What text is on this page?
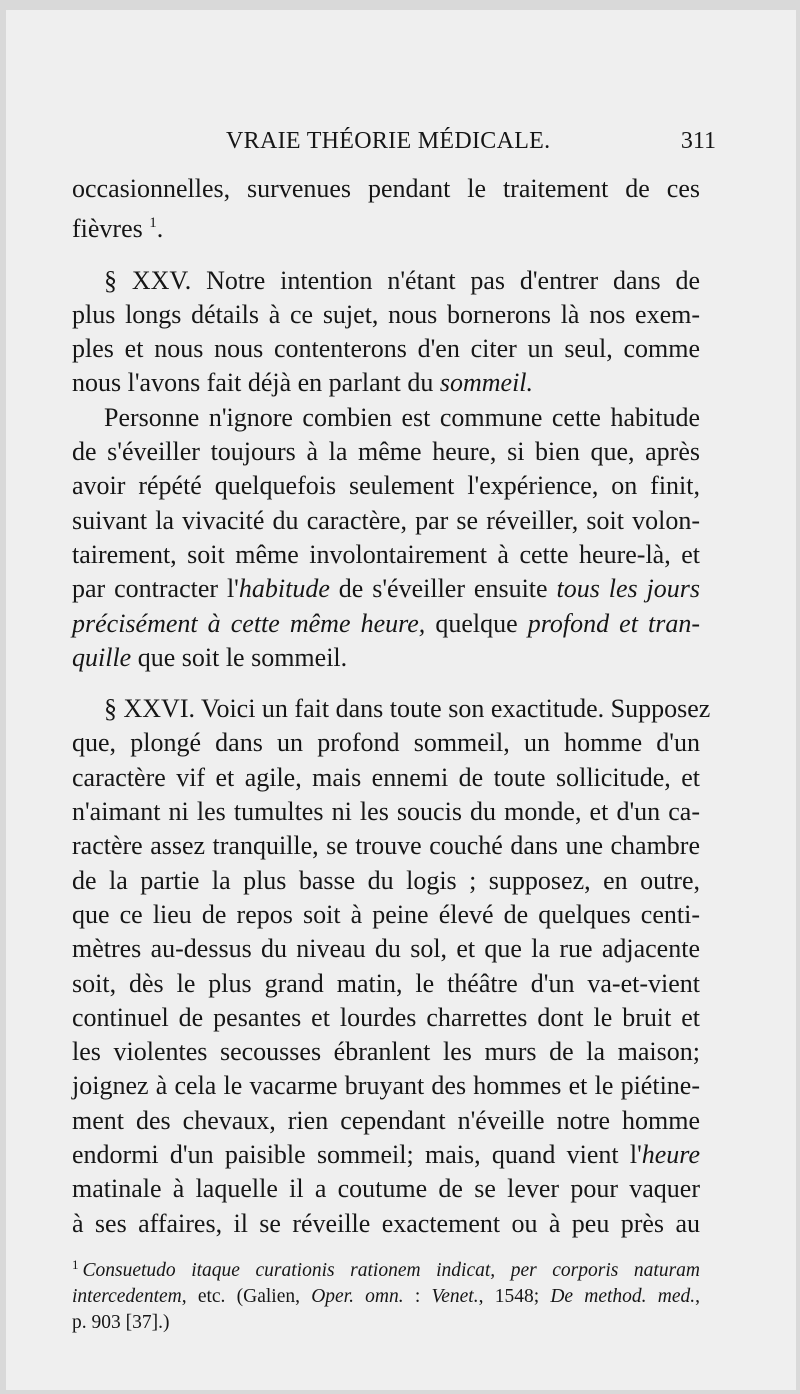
VRAIE THÉORIE MÉDICALE.	311
occasionnelles, survenues pendant le traitement de ces
fièvres $^1$.
§ XXV. Notre intention n'étant pas d'entrer dans de
plus longs détails à ce sujet, nous bornerons là nos exem-
ples et nous nous contenterons d'en citer un seul, comme
nous l'avons fait déjà en parlant du sommeil.
Personne n'ignore combien est commune cette habitude
de s'éveiller toujours à la même heure, si bien que, après
avoir répété quelquefois seulement l'expérience, on finit,
suivant la vivacité du caractère, par se réveiller, soit volon-
tairement, soit même involontairement à cette heure-là, et
par contracter l'habitude de s'éveiller ensuite tous les jours
précisément à cette même heure, quelque profond et tran-
quille que soit le sommeil.
§ XXVI. Voici un fait dans toute son exactitude. Supposez
que, plongé dans un profond sommeil, un homme d'un
caractère vif et agile, mais ennemi de toute sollicitude, et
n'aimant ni les tumultes ni les soucis du monde, et d'un ca-
ractère assez tranquille, se trouve couché dans une chambre
de la partie la plus basse du logis ; supposez, en outre,
que ce lieu de repos soit à peine élevé de quelques centi-
mètres au-dessus du niveau du sol, et que la rue adjacente
soit, dès le plus grand matin, le théâtre d'un va-et-vient
continuel de pesantes et lourdes charrettes dont le bruit et
les violentes secousses ébranlent les murs de la maison;
joignez à cela le vacarme bruyant des hommes et le piétine-
ment des chevaux, rien cependant n'éveille notre homme
endormi d'un paisible sommeil; mais, quand vient l'heure
matinale à laquelle il a coutume de se lever pour vaquer
à ses affaires, il se réveille exactement ou à peu près au
$^1$ Consuetudo itaque curationis rationem indicat, per corporis naturam
intercedentem, etc. (Galien, Oper. omn. : Venet., 1548; De method. med.,
p. 903 [37].)
